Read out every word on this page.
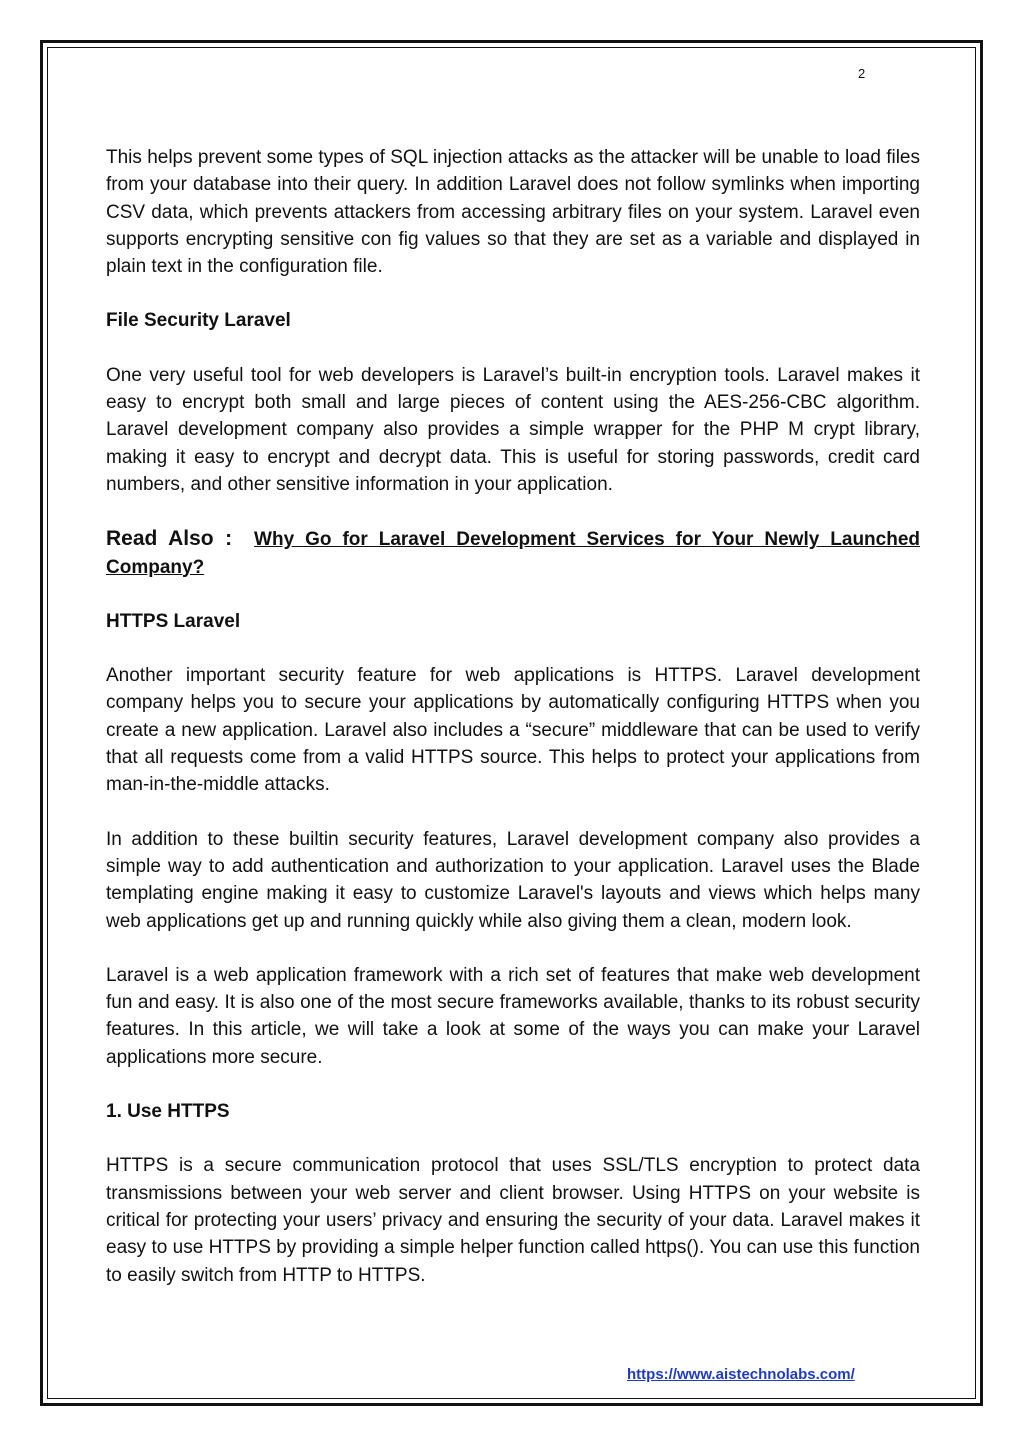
2

This helps prevent some types of SQL injection attacks as the attacker will be unable to load files from your database into their query. In addition Laravel does not follow symlinks when importing CSV data, which prevents attackers from accessing arbitrary files on your system. Laravel even supports encrypting sensitive con fig values so that they are set as a variable and displayed in plain text in the configuration file.

File Security Laravel

One very useful tool for web developers is Laravel’s built-in encryption tools. Laravel makes it easy to encrypt both small and large pieces of content using the AES-256-CBC algorithm. Laravel development company also provides a simple wrapper for the PHP M crypt library, making it easy to encrypt and decrypt data. This is useful for storing passwords, credit card numbers, and other sensitive information in your application.

Read Also : Why Go for Laravel Development Services for Your Newly Launched Company?
HTTPS Laravel

Another important security feature for web applications is HTTPS. Laravel development company helps you to secure your applications by automatically configuring HTTPS when you create a new application. Laravel also includes a “secure” middleware that can be used to verify that all requests come from a valid HTTPS source. This helps to protect your applications from man-in-the-middle attacks.

In addition to these builtin security features, Laravel development company also provides a simple way to add authentication and authorization to your application. Laravel uses the Blade templating engine making it easy to customize Laravel's layouts and views which helps many web applications get up and running quickly while also giving them a clean, modern look.

Laravel is a web application framework with a rich set of features that make web development fun and easy. It is also one of the most secure frameworks available, thanks to its robust security features. In this article, we will take a look at some of the ways you can make your Laravel applications more secure.

1. Use HTTPS

HTTPS is a secure communication protocol that uses SSL/TLS encryption to protect data transmissions between your web server and client browser. Using HTTPS on your website is critical for protecting your users’ privacy and ensuring the security of your data. Laravel makes it easy to use HTTPS by providing a simple helper function called https(). You can use this function to easily switch from HTTP to HTTPS.

https://www.aistechnolabs.com/
